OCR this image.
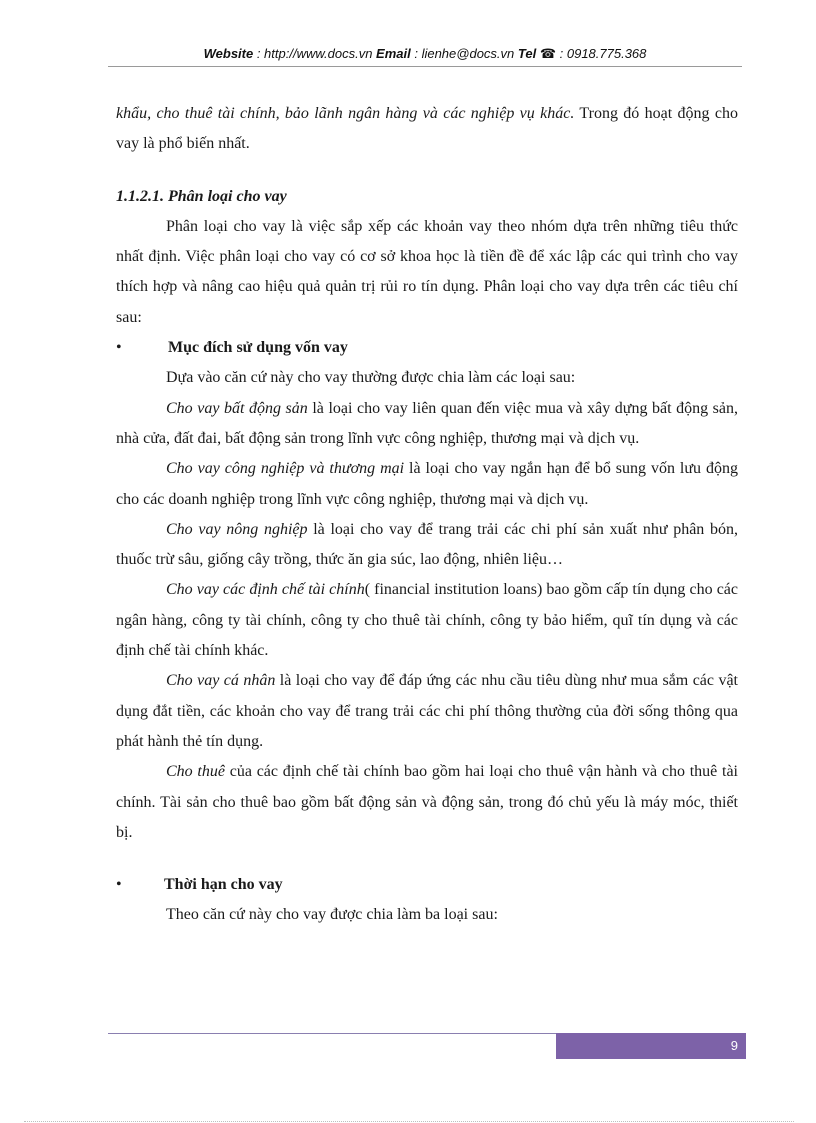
Website : http://www.docs.vn Email : lienhe@docs.vn Tel ☎ : 0918.775.368

khẩu, cho thuê tài chính, bảo lãnh ngân hàng và các nghiệp vụ khác. Trong đó hoạt động cho vay là phổ biến nhất.

1.1.2.1. Phân loại cho vay

Phân loại cho vay là việc sắp xếp các khoản vay theo nhóm dựa trên những tiêu thức nhất định. Việc phân loại cho vay có cơ sở khoa học là tiền đề để xác lập các qui trình cho vay thích hợp và nâng cao hiệu quả quản trị rủi ro tín dụng. Phân loại cho vay dựa trên các tiêu chí sau:

•	Mục đích sử dụng vốn vay

Dựa vào căn cứ này cho vay thường được chia làm các loại sau:

Cho vay bất động sản là loại cho vay liên quan đến việc mua và xây dựng bất động sản, nhà cửa, đất đai, bất động sản trong lĩnh vực công nghiệp, thương mại và dịch vụ.

Cho vay công nghiệp và thương mại là loại cho vay ngắn hạn để bổ sung vốn lưu động cho các doanh nghiệp trong lĩnh vực công nghiệp, thương mại và dịch vụ.

Cho vay nông nghiệp là loại cho vay để trang trải các chi phí sản xuất như phân bón, thuốc trừ sâu, giống cây trồng, thức ăn gia súc, lao động, nhiên liệu…

Cho vay các định chế tài chính( financial institution loans) bao gồm cấp tín dụng cho các ngân hàng, công ty tài chính, công ty cho thuê tài chính, công ty bảo hiểm, quĩ tín dụng và các định chế tài chính khác.

Cho vay cá nhân là loại cho vay để đáp ứng các nhu cầu tiêu dùng như mua sắm các vật dụng đắt tiền, các khoản cho vay để trang trải các chi phí thông thường của đời sống thông qua phát hành thẻ tín dụng.

Cho thuê của các định chế tài chính bao gồm hai loại cho thuê vận hành và cho thuê tài chính. Tài sản cho thuê bao gồm bất động sản và động sản, trong đó chủ yếu là máy móc, thiết bị.

•	Thời hạn cho vay

Theo căn cứ này cho vay được chia làm ba loại sau:

9
